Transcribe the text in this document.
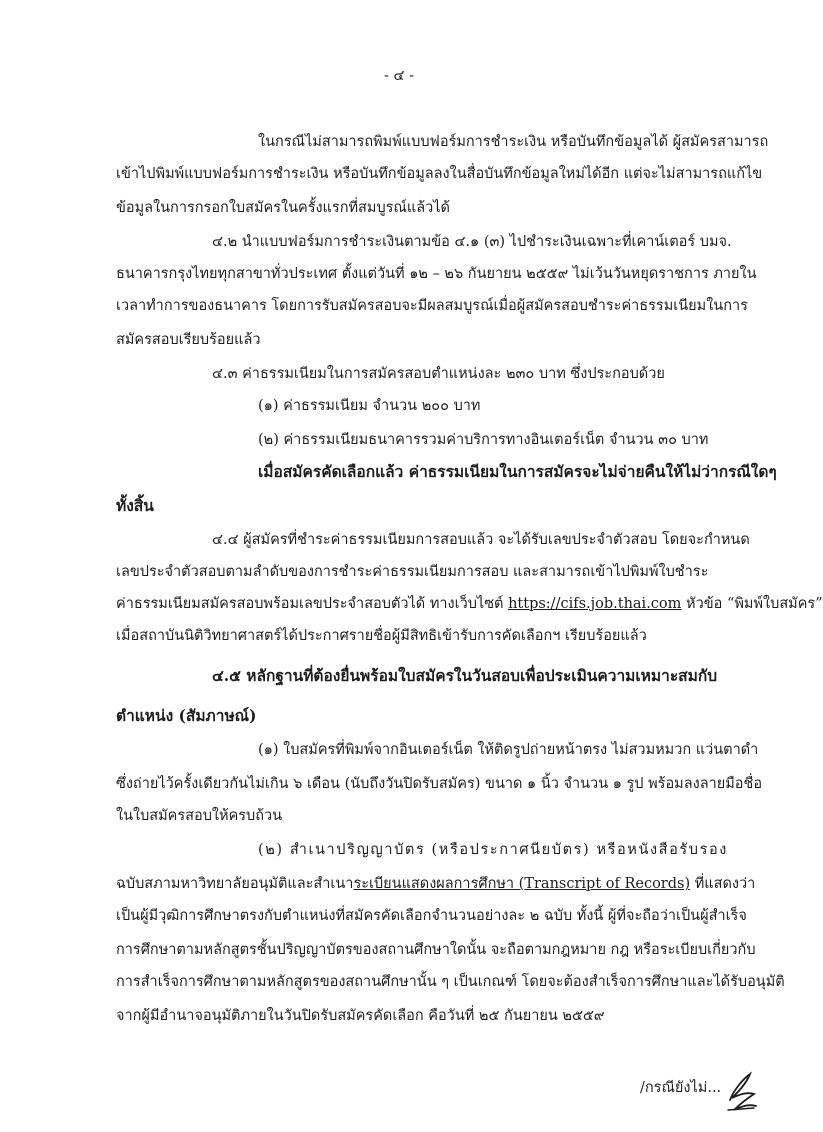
- ๔ -
ในกรณีไม่สามารถพิมพ์แบบฟอร์มการชำระเงิน หรือบันทึกข้อมูลได้ ผู้สมัครสามารถ
เข้าไปพิมพ์แบบฟอร์มการชำระเงิน หรือบันทึกข้อมูลลงในสื่อบันทึกข้อมูลใหม่ได้อีก แต่จะไม่สามารถแก้ไข
ข้อมูลในการกรอกใบสมัครในครั้งแรกที่สมบูรณ์แล้วได้
๔.๒ นำแบบฟอร์มการชำระเงินตามข้อ ๔.๑ (๓) ไปชำระเงินเฉพาะที่เคาน์เตอร์ บมจ.
ธนาคารกรุงไทยทุกสาขาทั่วประเทศ ตั้งแต่วันที่ ๑๒ – ๒๖ กันยายน ๒๕๕๙ ไม่เว้นวันหยุดราชการ ภายใน
เวลาทำการของธนาคาร โดยการรับสมัครสอบจะมีผลสมบูรณ์เมื่อผู้สมัครสอบชำระค่าธรรมเนียมในการ
สมัครสอบเรียบร้อยแล้ว
๔.๓ ค่าธรรมเนียมในการสมัครสอบตำแหน่งละ ๒๓๐ บาท ซึ่งประกอบด้วย
(๑) ค่าธรรมเนียม จำนวน ๒๐๐ บาท
(๒) ค่าธรรมเนียมธนาคารรวมค่าบริการทางอินเตอร์เน็ต จำนวน ๓๐ บาท
เมื่อสมัครคัดเลือกแล้ว ค่าธรรมเนียมในการสมัครจะไม่จ่ายคืนให้ไม่ว่ากรณีใดๆ
ทั้งสิ้น
๔.๔ ผู้สมัครที่ชำระค่าธรรมเนียมการสอบแล้ว จะได้รับเลขประจำตัวสอบ โดยจะกำหนด
เลขประจำตัวสอบตามลำดับของการชำระค่าธรรมเนียมการสอบ และสามารถเข้าไปพิมพ์ใบชำระ
ค่าธรรมเนียมสมัครสอบพร้อมเลขประจำสอบตัวได้ ทางเว็บไซต์ https://cifs.job.thai.com หัวข้อ “พิมพ์ใบสมัคร”
เมื่อสถาบันนิติวิทยาศาสตร์ได้ประกาศรายชื่อผู้มีสิทธิเข้ารับการคัดเลือกฯ เรียบร้อยแล้ว
๔.๕ หลักฐานที่ต้องยื่นพร้อมใบสมัครในวันสอบเพื่อประเมินความเหมาะสมกับ
ตำแหน่ง (สัมภาษณ์)
(๑) ใบสมัครที่พิมพ์จากอินเตอร์เน็ต ให้ติดรูปถ่ายหน้าตรง ไม่สวมหมวก แว่นตาดำ
ซึ่งถ่ายไว้ครั้งเดียวกันไม่เกิน ๖ เดือน (นับถึงวันปิดรับสมัคร) ขนาด ๑ นิ้ว จำนวน ๑ รูป พร้อมลงลายมือชื่อ
ในใบสมัครสอบให้ครบถ้วน
(๒) สำเนาปริญญาบัตร (หรือประกาศนียบัตร) หรือหนังสือรับรอง
ฉบับสภามหาวิทยาลัยอนุมัติและสำเนาระเบียนแสดงผลการศึกษา (Transcript of Records) ที่แสดงว่า
เป็นผู้มีวุฒิการศึกษาตรงกับตำแหน่งที่สมัครคัดเลือกจำนวนอย่างละ ๒ ฉบับ ทั้งนี้ ผู้ที่จะถือว่าเป็นผู้สำเร็จ
การศึกษาตามหลักสูตรชั้นปริญญาบัตรของสถานศึกษาใดนั้น จะถือตามกฎหมาย กฎ หรือระเบียบเกี่ยวกับ
การสำเร็จการศึกษาตามหลักสูตรของสถานศึกษานั้น ๆ เป็นเกณฑ์ โดยจะต้องสำเร็จการศึกษาและได้รับอนุมัติ
จากผู้มีอำนาจอนุมัติภายในวันปิดรับสมัครคัดเลือก คือวันที่ ๒๕ กันยายน ๒๕๕๙
/กรณียังไม่...
